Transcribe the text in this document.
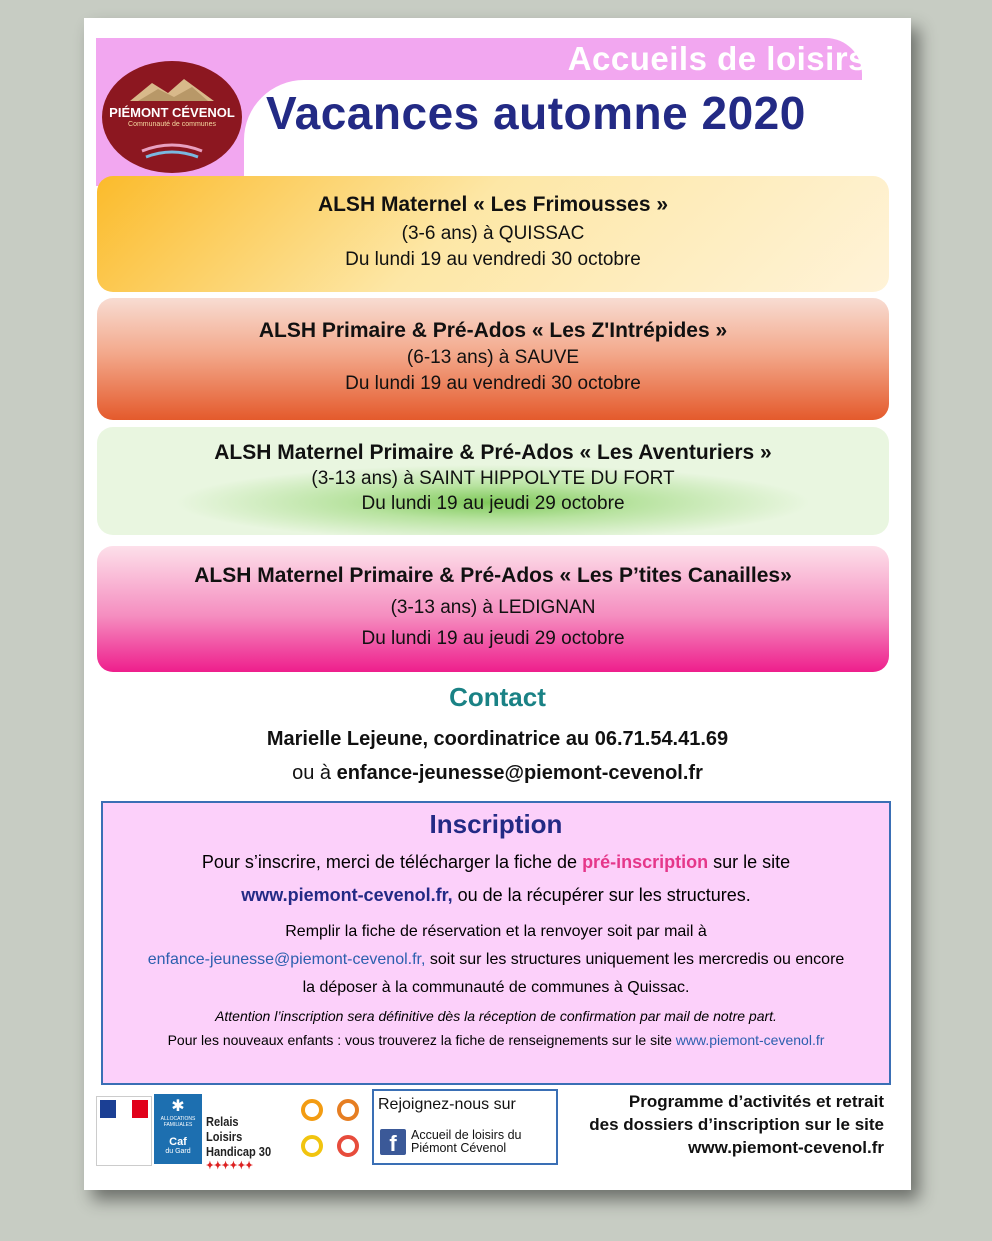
Accueils de loisirs
Vacances automne 2020
PIÉMONT CÉVENOL
Communauté de communes
ALSH Maternel « Les Frimousses »
(3-6 ans) à QUISSAC
Du lundi 19 au vendredi 30 octobre
ALSH Primaire & Pré-Ados « Les Z'Intrépides »
(6-13 ans) à SAUVE
Du lundi 19 au vendredi 30 octobre
ALSH Maternel Primaire & Pré-Ados « Les Aventuriers »
(3-13 ans) à SAINT HIPPOLYTE DU FORT
Du lundi 19 au jeudi 29 octobre
ALSH Maternel Primaire & Pré-Ados « Les P’tites Canailles»
(3-13 ans) à LEDIGNAN
Du lundi 19 au jeudi 29 octobre
Contact
Marielle Lejeune, coordinatrice au 06.71.54.41.69
ou à enfance-jeunesse@piemont-cevenol.fr
Inscription

Pour s’inscrire, merci de télécharger la fiche de pré-inscription sur le site

www.piemont-cevenol.fr, ou de la récupérer sur les structures.

Remplir la fiche de réservation et la renvoyer soit par mail à
enfance-jeunesse@piemont-cevenol.fr, soit sur les structures uniquement les mercredis ou encore
la déposer à la communauté de communes à Quissac.

Attention l’inscription sera définitive dès la réception de confirmation par mail de notre part.

Pour les nouveaux enfants : vous trouverez la fiche de renseignements sur le site www.piemont-cevenol.fr

✱
ALLOCATIONS FAMILIALES
Caf
du Gard
Relais Loisirs
Handicap 30
✦✦✦✦✦✦
Rejoignez-nous sur
f	Accueil de loisirs du
Piémont Cévenol
Programme d’activités et retrait
des dossiers d’inscription sur le site
www.piemont-cevenol.fr
